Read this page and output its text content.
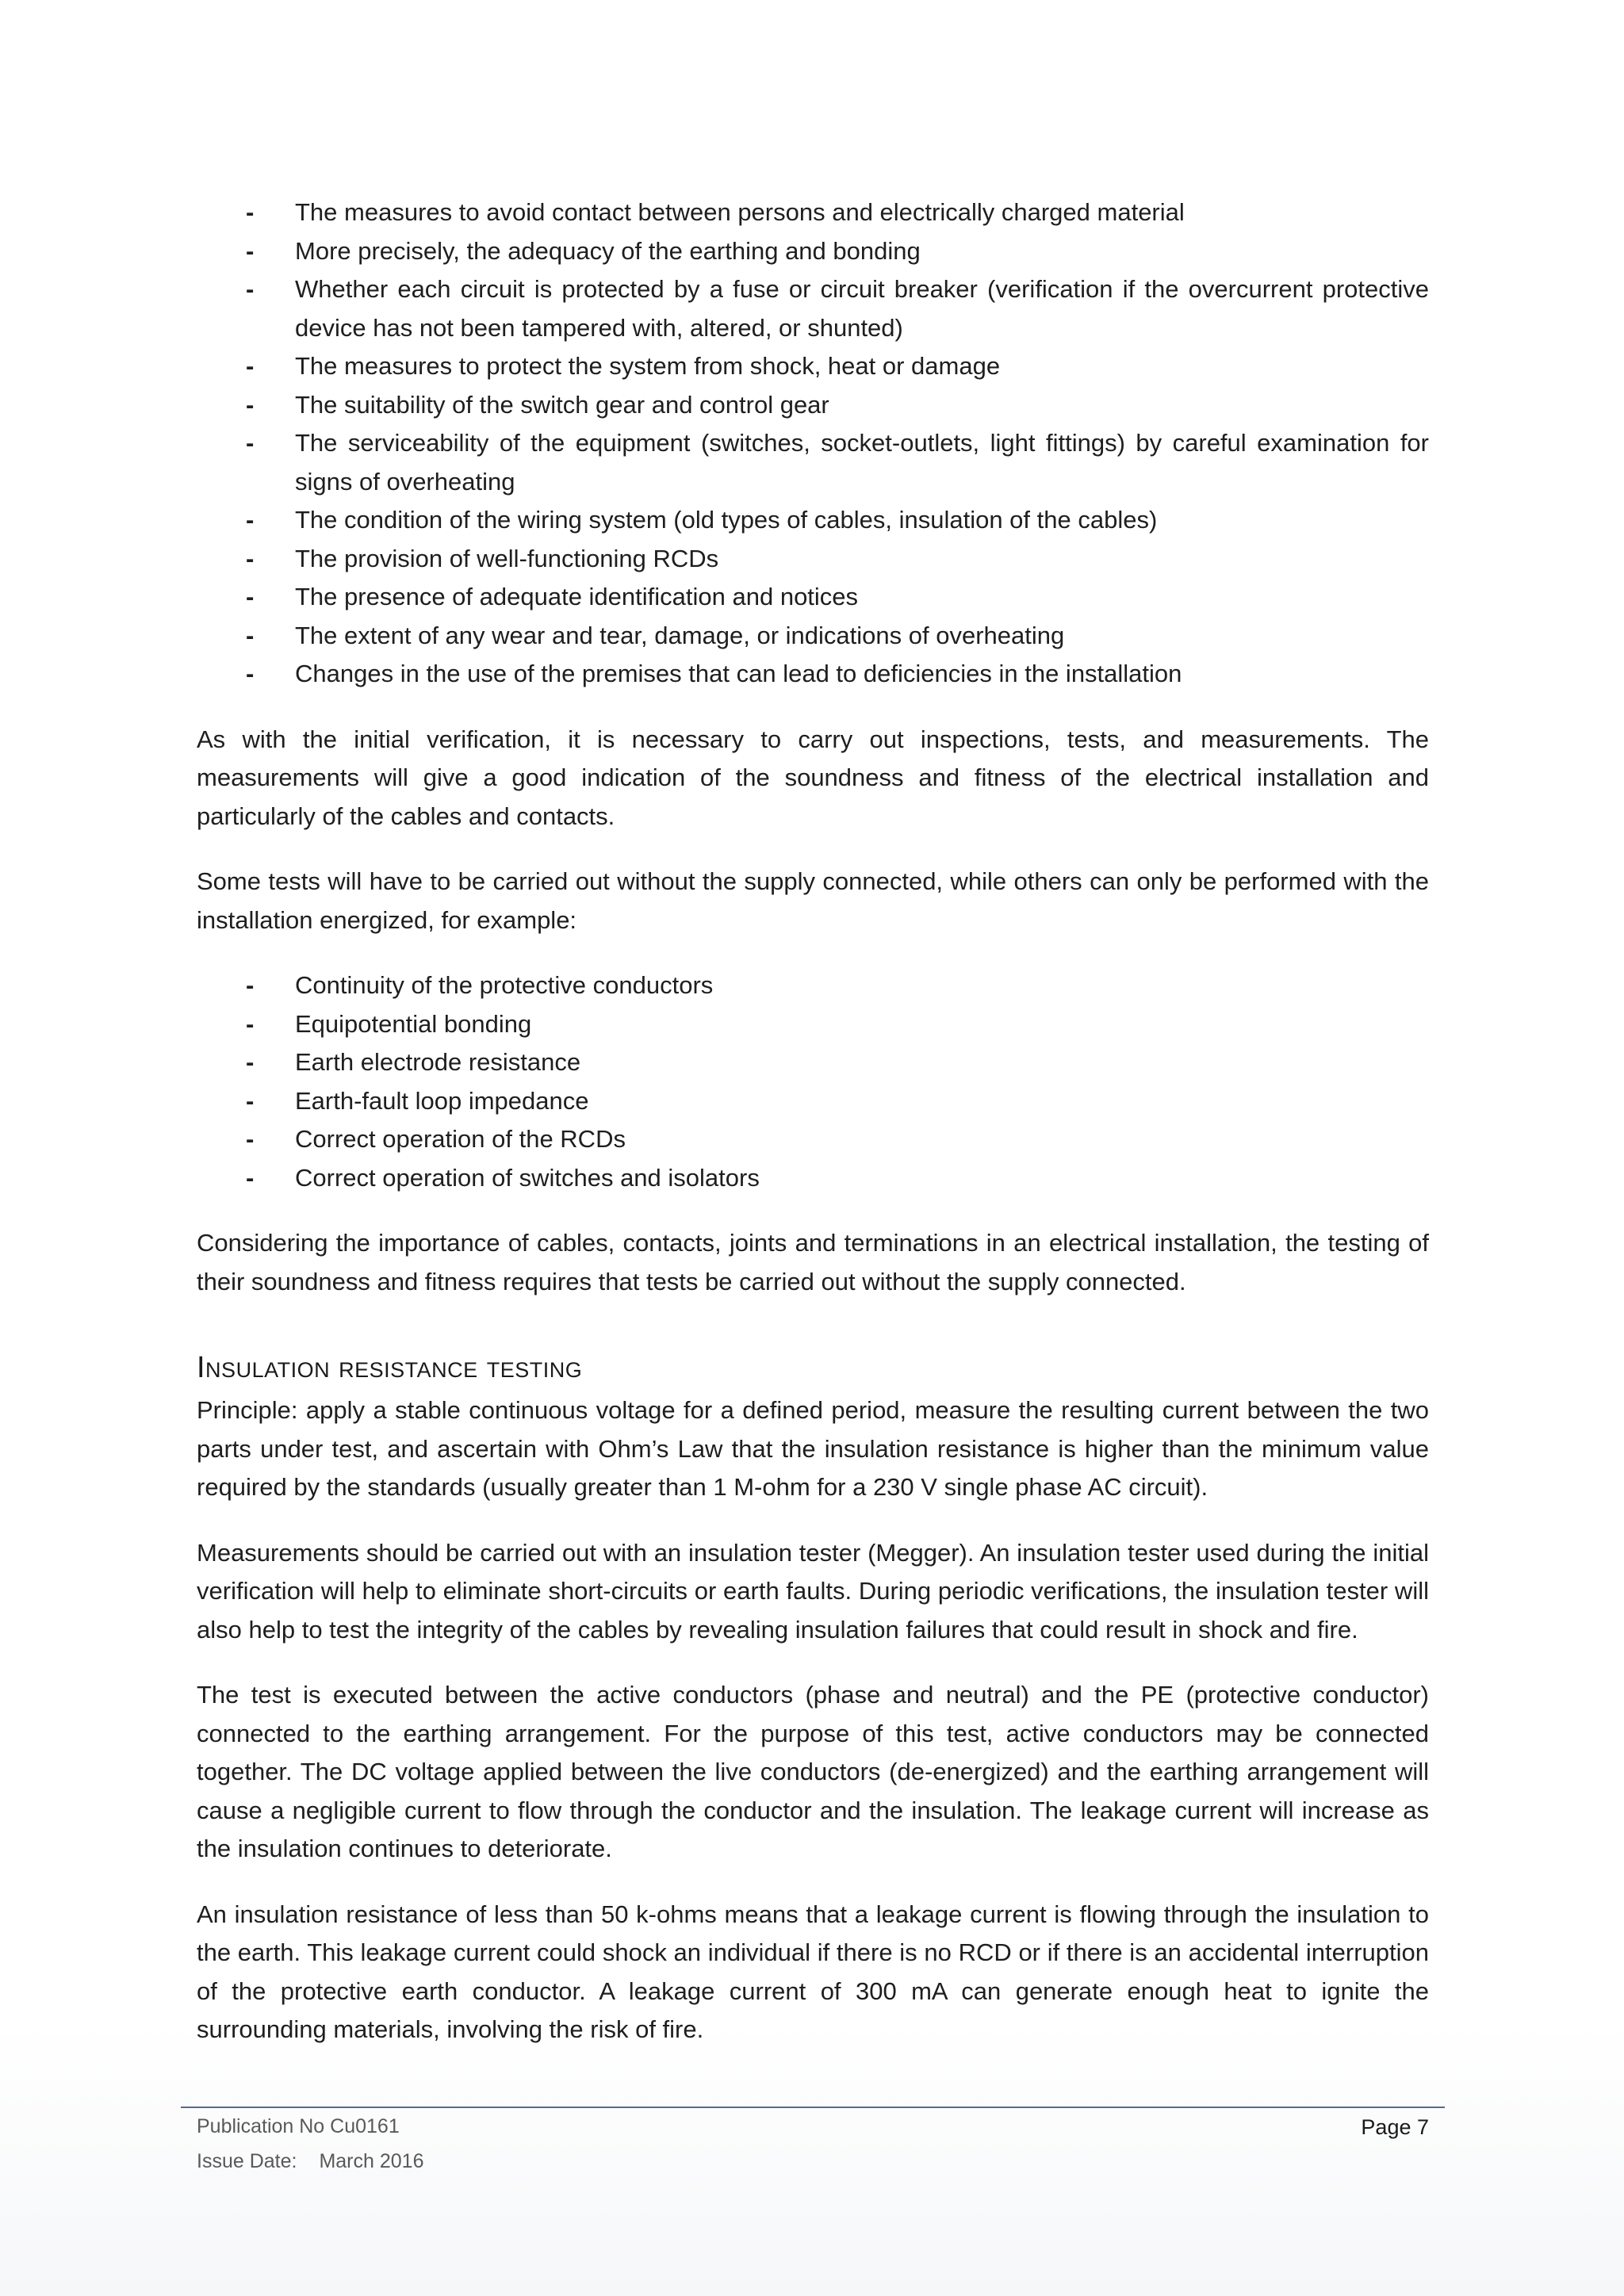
- The measures to avoid contact between persons and electrically charged material
- More precisely, the adequacy of the earthing and bonding
- Whether each circuit is protected by a fuse or circuit breaker (verification if the overcurrent protective device has not been tampered with, altered, or shunted)
- The measures to protect the system from shock, heat or damage
- The suitability of the switch gear and control gear
- The serviceability of the equipment (switches, socket-outlets, light fittings) by careful examination for signs of overheating
- The condition of the wiring system (old types of cables, insulation of the cables)
- The provision of well-functioning RCDs
- The presence of adequate identification and notices
- The extent of any wear and tear, damage, or indications of overheating
- Changes in the use of the premises that can lead to deficiencies in the installation

As with the initial verification, it is necessary to carry out inspections, tests, and measurements. The measurements will give a good indication of the soundness and fitness of the electrical installation and particularly of the cables and contacts.

Some tests will have to be carried out without the supply connected, while others can only be performed with the installation energized, for example:

- Continuity of the protective conductors
- Equipotential bonding
- Earth electrode resistance
- Earth-fault loop impedance
- Correct operation of the RCDs
- Correct operation of switches and isolators

Considering the importance of cables, contacts, joints and terminations in an electrical installation, the testing of their soundness and fitness requires that tests be carried out without the supply connected.

Insulation resistance testing

Principle: apply a stable continuous voltage for a defined period, measure the resulting current between the two parts under test, and ascertain with Ohm’s Law that the insulation resistance is higher than the minimum value required by the standards (usually greater than 1 M-ohm for a 230 V single phase AC circuit).

Measurements should be carried out with an insulation tester (Megger). An insulation tester used during the initial verification will help to eliminate short-circuits or earth faults. During periodic verifications, the insulation tester will also help to test the integrity of the cables by revealing insulation failures that could result in shock and fire.

The test is executed between the active conductors (phase and neutral) and the PE (protective conductor) connected to the earthing arrangement. For the purpose of this test, active conductors may be connected together. The DC voltage applied between the live conductors (de-energized) and the earthing arrangement will cause a negligible current to flow through the conductor and the insulation. The leakage current will increase as the insulation continues to deteriorate.

An insulation resistance of less than 50 k-ohms means that a leakage current is flowing through the insulation to the earth. This leakage current could shock an individual if there is no RCD or if there is an accidental interruption of the protective earth conductor. A leakage current of 300 mA can generate enough heat to ignite the surrounding materials, involving the risk of fire.

Publication No Cu0161	Page 7
Issue Date: March 2016
